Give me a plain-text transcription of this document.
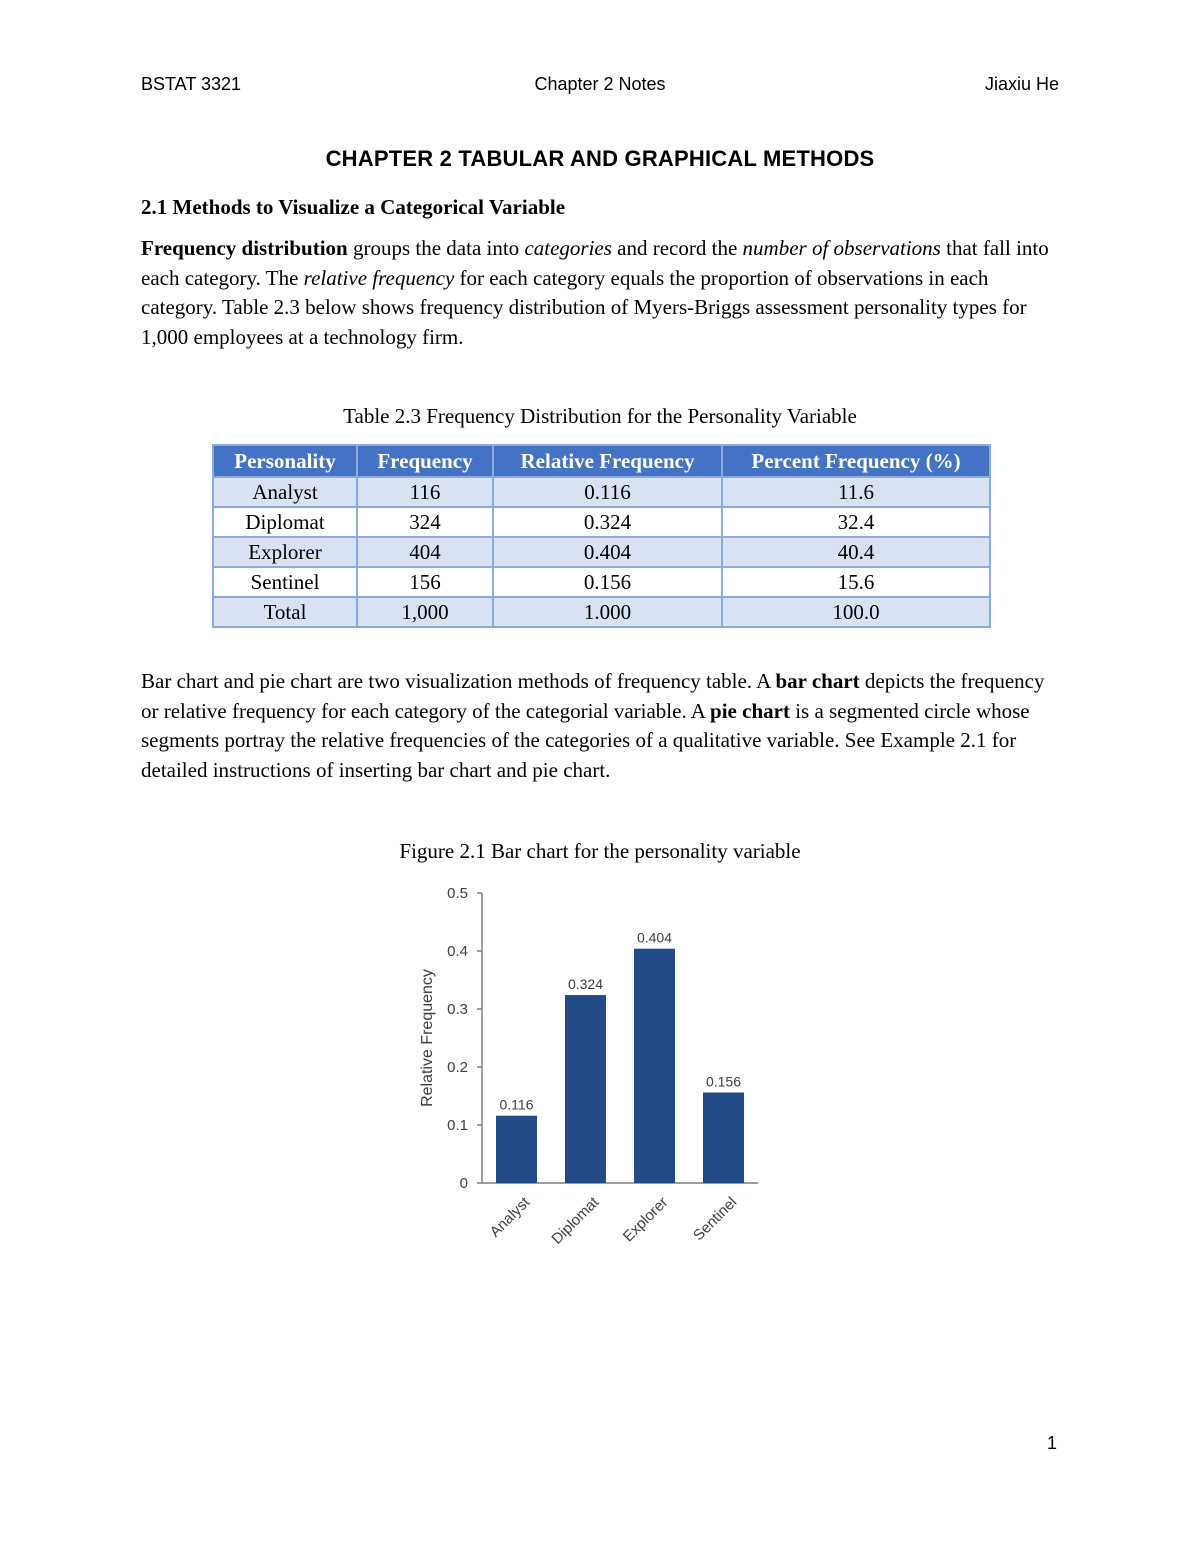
BSTAT 3321	Chapter 2 Notes	Jiaxiu He
CHAPTER 2 TABULAR AND GRAPHICAL METHODS
2.1 Methods to Visualize a Categorical Variable

Frequency distribution groups the data into categories and record the number of observations that fall into each category. The relative frequency for each category equals the proportion of observations in each category. Table 2.3 below shows frequency distribution of Myers-Briggs assessment personality types for 1,000 employees at a technology firm.

Table 2.3 Frequency Distribution for the Personality Variable
Personality	Frequency	Relative Frequency	Percent Frequency (%)
Analyst	116	0.116	11.6
Diplomat	324	0.324	32.4
Explorer	404	0.404	40.4
Sentinel	156	0.156	15.6
Total	1,000	1.000	100.0

Bar chart and pie chart are two visualization methods of frequency table. A bar chart depicts the frequency or relative frequency for each category of the categorial variable. A pie chart is a segmented circle whose segments portray the relative frequencies of the categories of a qualitative variable. See Example 2.1 for detailed instructions of inserting bar chart and pie chart.

Figure 2.1 Bar chart for the personality variable
0
0.1
0.2
0.3
0.4
0.5
Relative Frequency	0.116
Analyst
0.324
Diplomat
0.404
Explorer
0.156
Sentinel
1
